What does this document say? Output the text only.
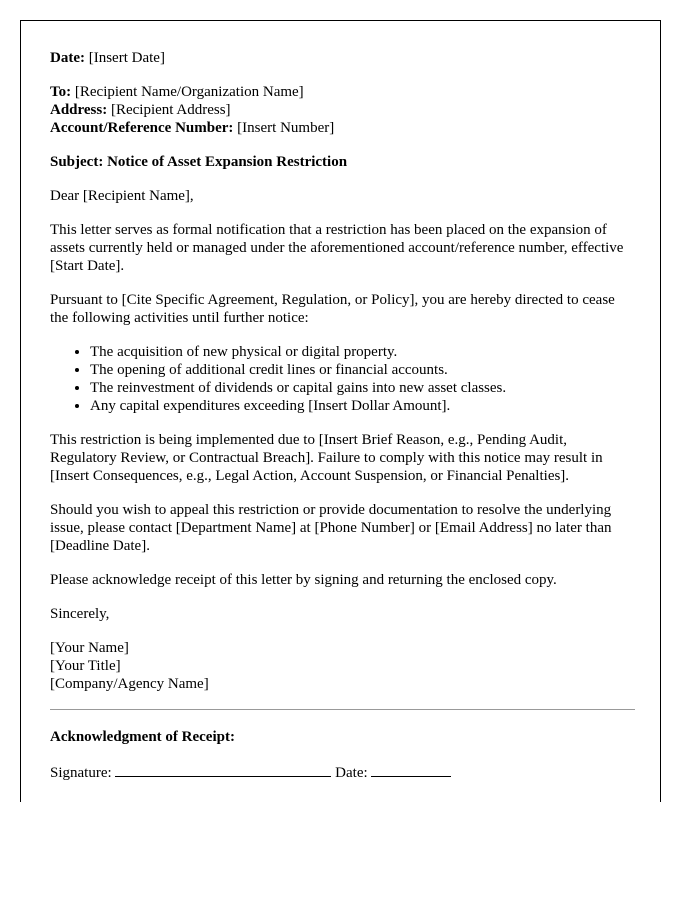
Date: [Insert Date]

To: [Recipient Name/Organization Name]

Address: [Recipient Address]

Account/Reference Number: [Insert Number]

Subject: Notice of Asset Expansion Restriction

Dear [Recipient Name],

This letter serves as formal notification that a restriction has been placed on the expansion of assets currently held or managed under the aforementioned account/reference number, effective [Start Date].

Pursuant to [Cite Specific Agreement, Regulation, or Policy], you are hereby directed to cease the following activities until further notice:

• The acquisition of new physical or digital property.
• The opening of additional credit lines or financial accounts.
• The reinvestment of dividends or capital gains into new asset classes.
• Any capital expenditures exceeding [Insert Dollar Amount].

This restriction is being implemented due to [Insert Brief Reason, e.g., Pending Audit, Regulatory Review, or Contractual Breach]. Failure to comply with this notice may result in [Insert Consequences, e.g., Legal Action, Account Suspension, or Financial Penalties].

Should you wish to appeal this restriction or provide documentation to resolve the underlying issue, please contact [Department Name] at [Phone Number] or [Email Address] no later than [Deadline Date].

Please acknowledge receipt of this letter by signing and returning the enclosed copy.

Sincerely,

[Your Name]

[Your Title]

[Company/Agency Name]

Acknowledgment of Receipt:

Signature:	Date:
